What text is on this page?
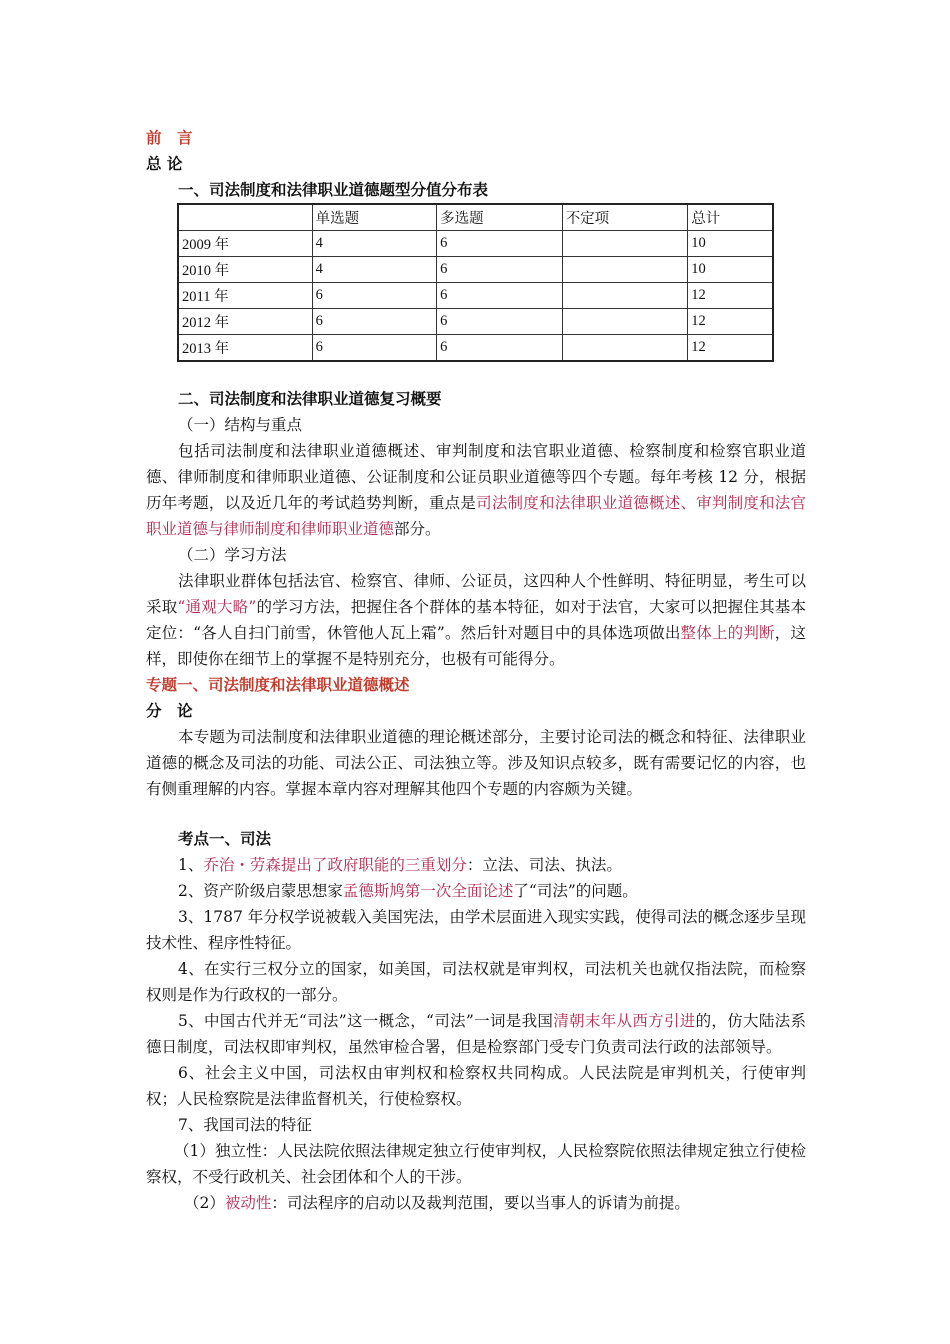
前　言
总 论
一、司法制度和法律职业道德题型分值分布表
	单选题	多选题	不定项	总计
2009 年	4	6		10
2010 年	4	6		10
2011 年	6	6		12
2012 年	6	6		12
2013 年	6	6		12
二、司法制度和法律职业道德复习概要
（一）结构与重点
包括司法制度和法律职业道德概述、审判制度和法官职业道德、检察制度和检察官职业道德、律师制度和律师职业道德、公证制度和公证员职业道德等四个专题。每年考核 12 分，根据历年考题，以及近几年的考试趋势判断，重点是司法制度和法律职业道德概述、审判制度和法官职业道德与律师制度和律师职业道德部分。
（二）学习方法
法律职业群体包括法官、检察官、律师、公证员，这四种人个性鲜明、特征明显，考生可以采取“通观大略”的学习方法，把握住各个群体的基本特征，如对于法官，大家可以把握住其基本定位：“各人自扫门前雪，休管他人瓦上霜”。然后针对题目中的具体选项做出整体上的判断，这样，即使你在细节上的掌握不是特别充分，也极有可能得分。
专题一、司法制度和法律职业道德概述
分　论
本专题为司法制度和法律职业道德的理论概述部分，主要讨论司法的概念和特征、法律职业道德的概念及司法的功能、司法公正、司法独立等。涉及知识点较多，既有需要记忆的内容，也有侧重理解的内容。掌握本章内容对理解其他四个专题的内容颇为关键。
考点一、司法
1、乔治・劳森提出了政府职能的三重划分：立法、司法、执法。
2、资产阶级启蒙思想家孟德斯鸠第一次全面论述了“司法”的问题。
3、1787 年分权学说被载入美国宪法，由学术层面进入现实实践，使得司法的概念逐步呈现技术性、程序性特征。
4、在实行三权分立的国家，如美国，司法权就是审判权，司法机关也就仅指法院，而检察权则是作为行政权的一部分。
5、中国古代并无“司法”这一概念，“司法”一词是我国清朝末年从西方引进的，仿大陆法系德日制度，司法权即审判权，虽然审检合署，但是检察部门受专门负责司法行政的法部领导。
6、社会主义中国，司法权由审判权和检察权共同构成。人民法院是审判机关，行使审判权；人民检察院是法律监督机关，行使检察权。
7、我国司法的特征
（1）独立性：人民法院依照法律规定独立行使审判权，人民检察院依照法律规定独立行使检察权，不受行政机关、社会团体和个人的干涉。
（2）被动性：司法程序的启动以及裁判范围，要以当事人的诉请为前提。
